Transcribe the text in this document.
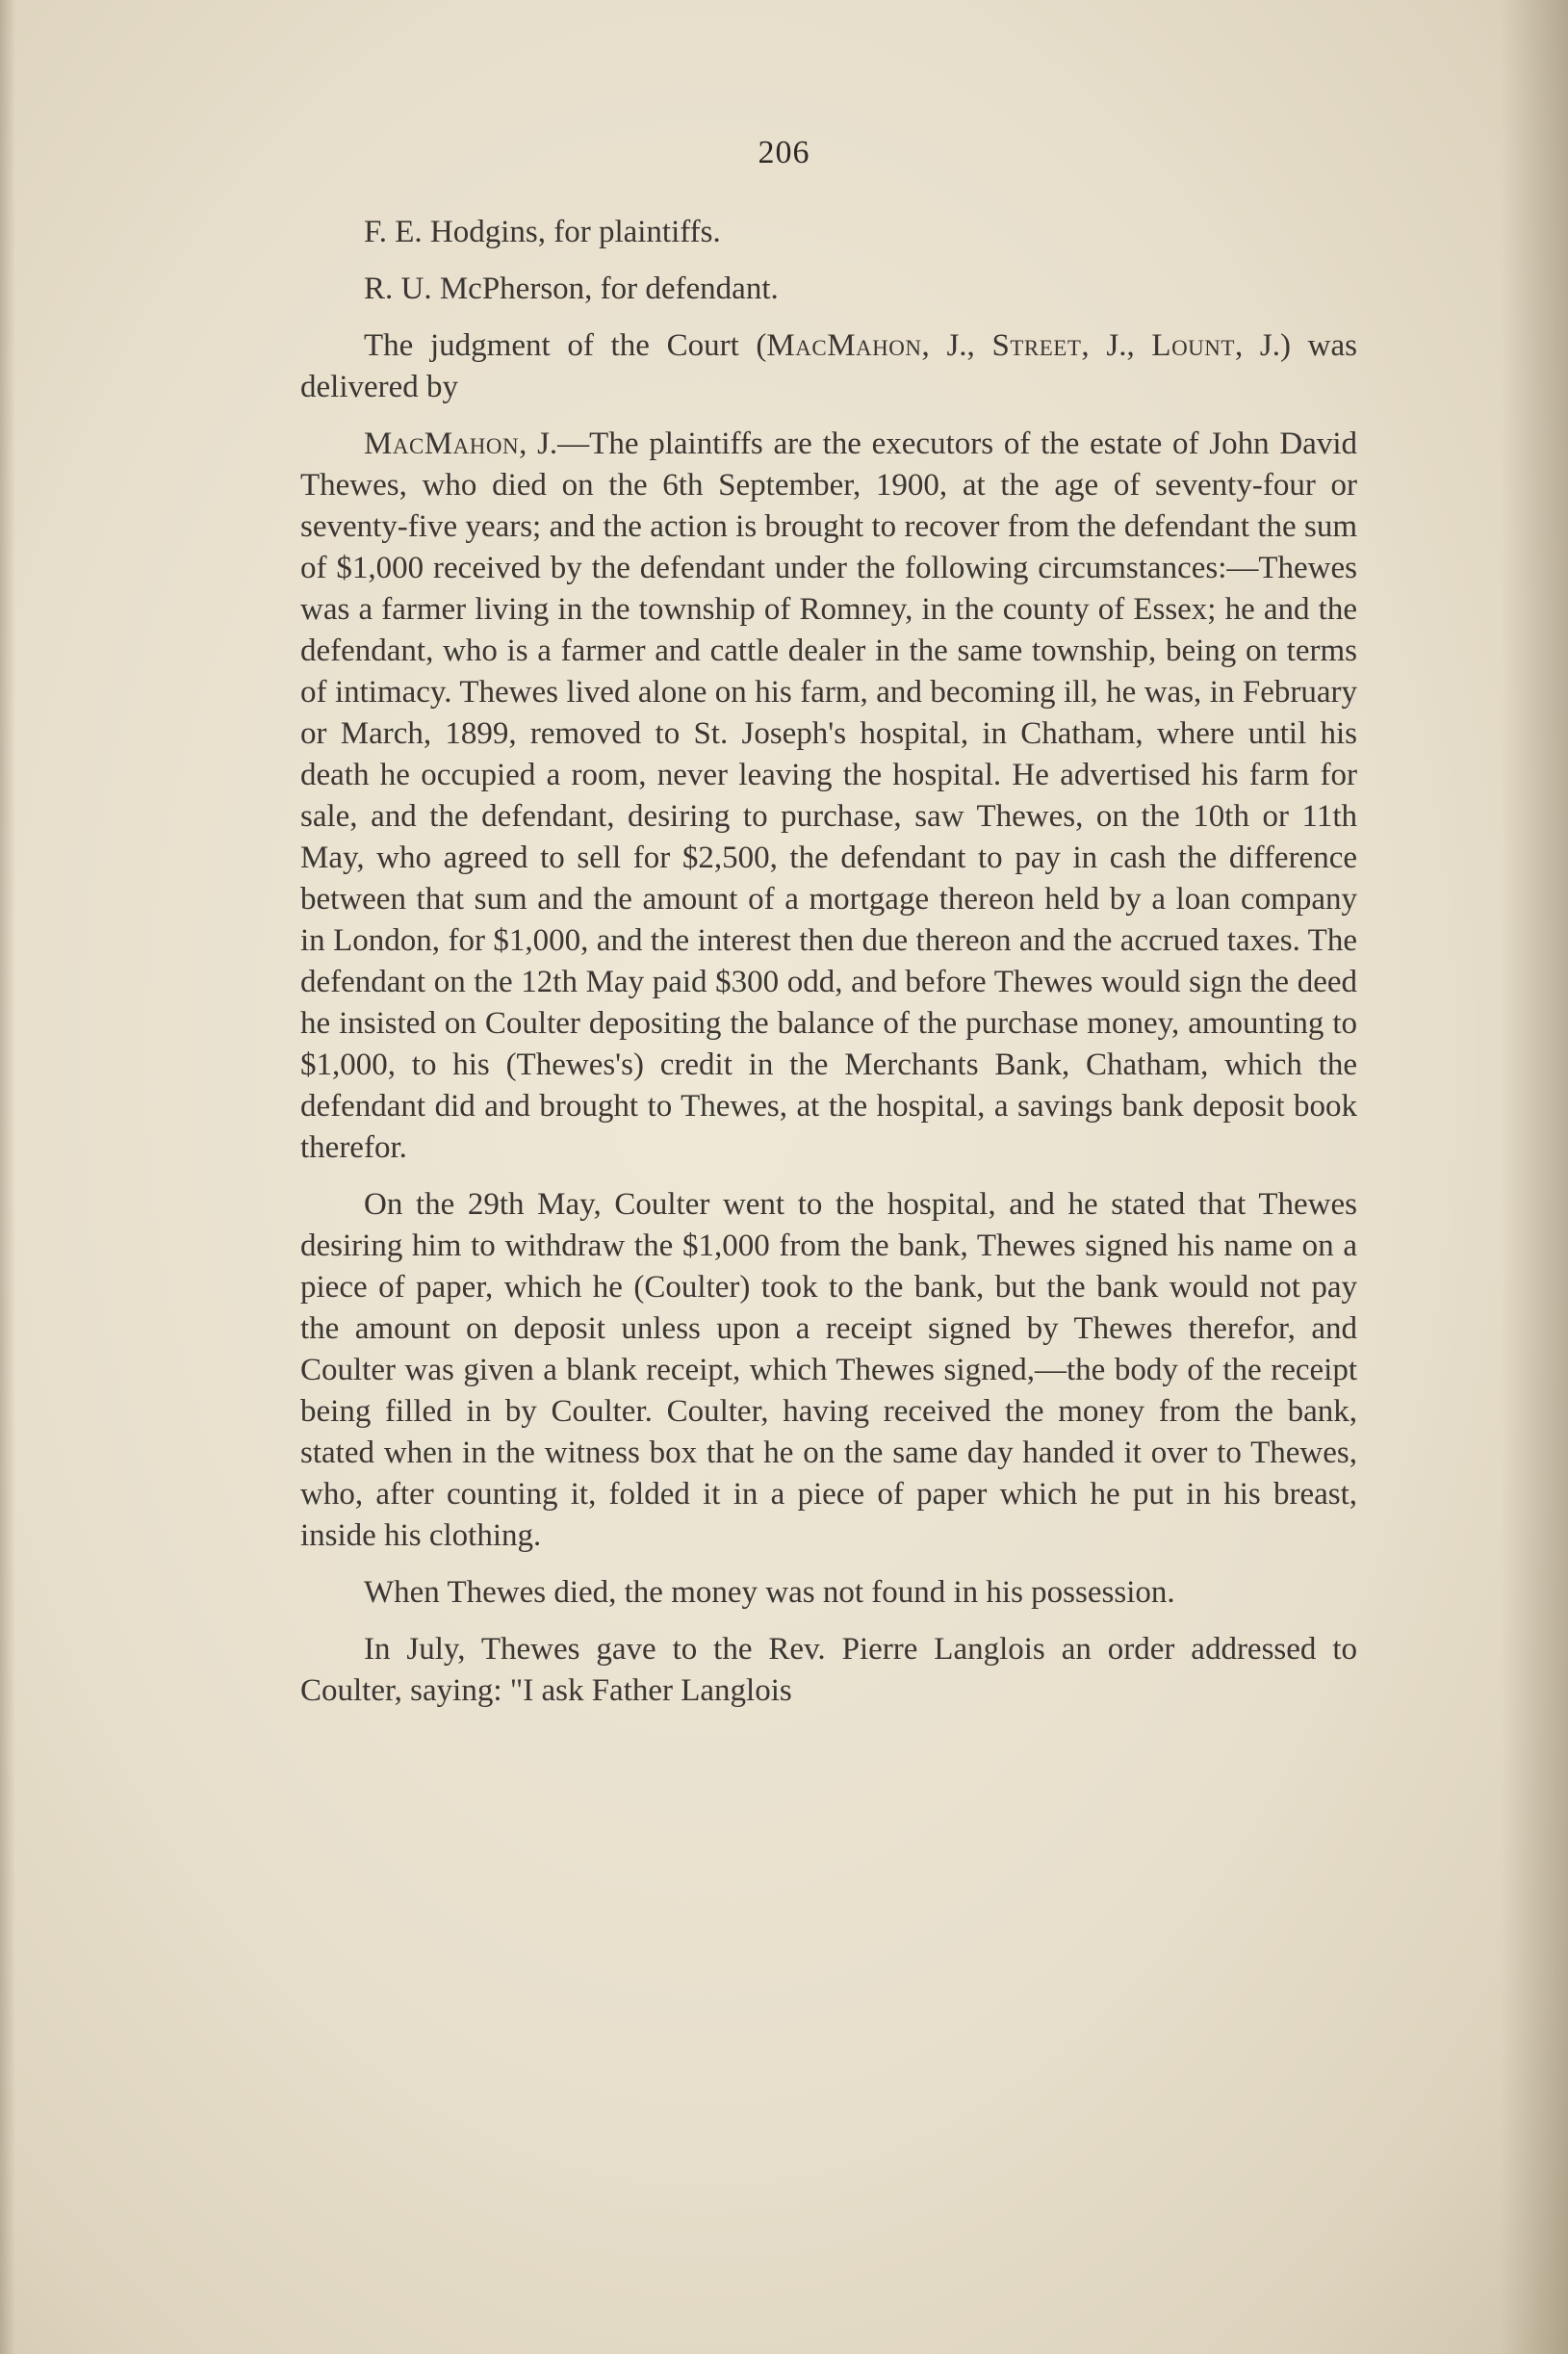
206

F. E. Hodgins, for plaintiffs.

R. U. McPherson, for defendant.

The judgment of the Court (MacMahon, J., Street, J., Lount, J.) was delivered by

MacMahon, J.—The plaintiffs are the executors of the estate of John David Thewes, who died on the 6th September, 1900, at the age of seventy-four or seventy-five years; and the action is brought to recover from the defendant the sum of $1,000 received by the defendant under the following circumstances:—Thewes was a farmer living in the township of Romney, in the county of Essex; he and the defendant, who is a farmer and cattle dealer in the same township, being on terms of intimacy. Thewes lived alone on his farm, and becoming ill, he was, in February or March, 1899, removed to St. Joseph's hospital, in Chatham, where until his death he occupied a room, never leaving the hospital. He advertised his farm for sale, and the defendant, desiring to purchase, saw Thewes, on the 10th or 11th May, who agreed to sell for $2,500, the defendant to pay in cash the difference between that sum and the amount of a mortgage thereon held by a loan company in London, for $1,000, and the interest then due thereon and the accrued taxes. The defendant on the 12th May paid $300 odd, and before Thewes would sign the deed he insisted on Coulter depositing the balance of the purchase money, amounting to $1,000, to his (Thewes's) credit in the Merchants Bank, Chatham, which the defendant did and brought to Thewes, at the hospital, a savings bank deposit book therefor.

On the 29th May, Coulter went to the hospital, and he stated that Thewes desiring him to withdraw the $1,000 from the bank, Thewes signed his name on a piece of paper, which he (Coulter) took to the bank, but the bank would not pay the amount on deposit unless upon a receipt signed by Thewes therefor, and Coulter was given a blank receipt, which Thewes signed,—the body of the receipt being filled in by Coulter. Coulter, having received the money from the bank, stated when in the witness box that he on the same day handed it over to Thewes, who, after counting it, folded it in a piece of paper which he put in his breast, inside his clothing.

When Thewes died, the money was not found in his possession.

In July, Thewes gave to the Rev. Pierre Langlois an order addressed to Coulter, saying: "I ask Father Langlois
